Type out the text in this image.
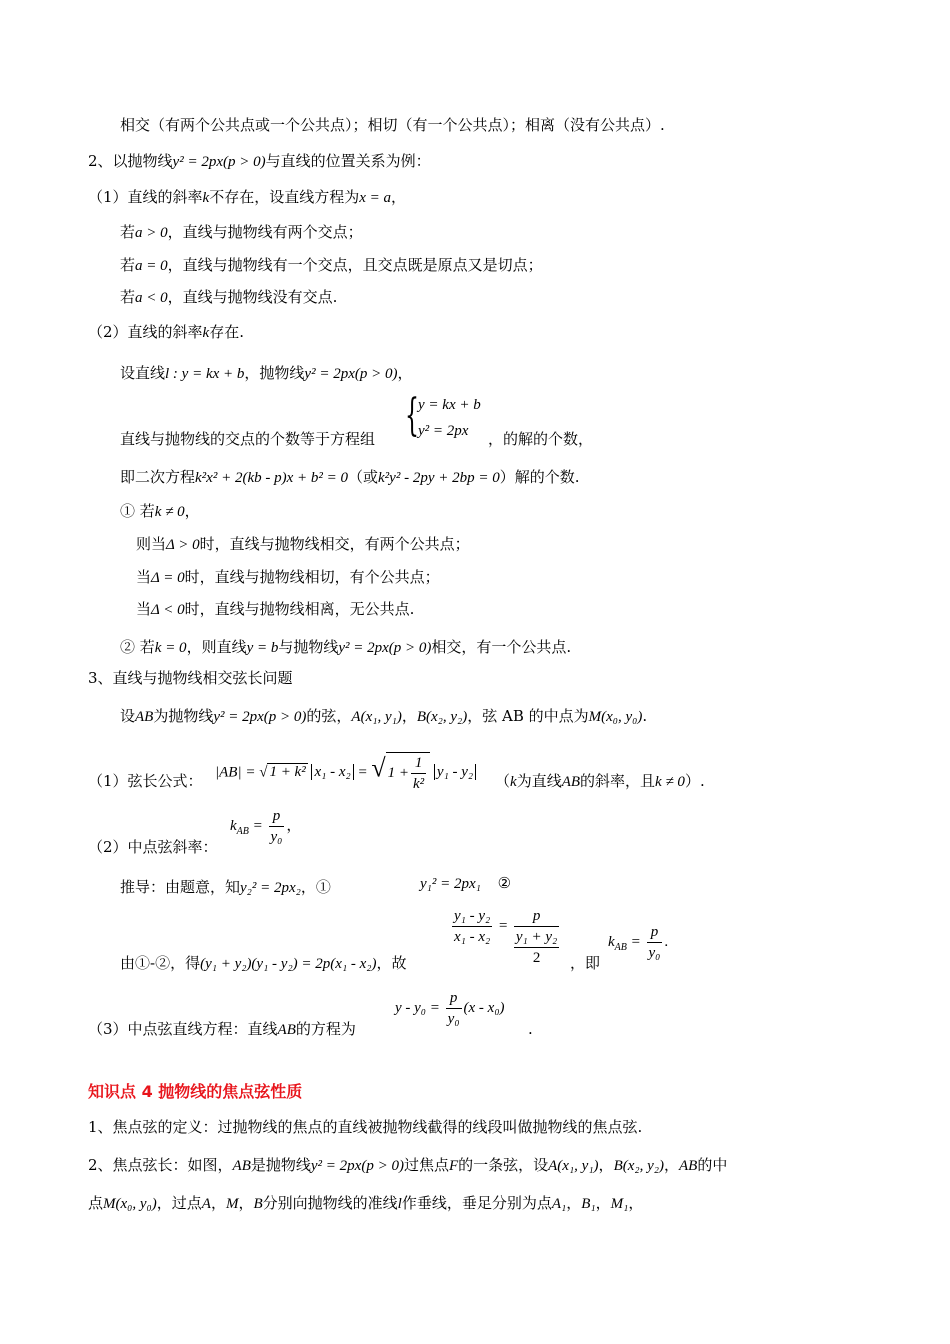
相交（有两个公共点或一个公共点）；相切（有一个公共点）；相离（没有公共点）.
2、以抛物线y² = 2px(p > 0)与直线的位置关系为例：
（1）直线的斜率k不存在，设直线方程为x = a，
若a > 0，直线与抛物线有两个交点；
若a = 0，直线与抛物线有一个交点，且交点既是原点又是切点；
若a < 0，直线与抛物线没有交点.
（2）直线的斜率k存在.
设直线l : y = kx + b，抛物线y² = 2px(p > 0)，
直线与抛物线的交点的个数等于方程组 { y = kx + b
y² = 2px ，的解的个数，
即二次方程k²x² + 2(kb - p)x + b² = 0（或k²y² - 2py + 2bp = 0）解的个数.
① 若k ≠ 0，
则当Δ > 0时，直线与抛物线相交，有两个公共点；
当Δ = 0时，直线与抛物线相切，有个公共点；
当Δ < 0时，直线与抛物线相离，无公共点.
② 若k = 0，则直线y = b与抛物线y² = 2px(p > 0)相交，有一个公共点.
3、直线与抛物线相交弦长问题
设AB为抛物线y² = 2px(p > 0)的弦，A(x₁, y₁)，B(x₂, y₂)，弦 AB 的中点为M(x₀, y₀).
（1）弦长公式： |AB| = √ 1 + k² x₁ - x₂ = √ $1 + \frac{1}{\text{k²}} y_1 - y_2$ （k为直线AB的斜率，且k ≠ 0）.
（2）中点弦斜率：
$k_{AB} = \frac{p}{\text{y₀}}$ ，
推导：由题意，知y₂² = 2px₂，①	y₁² = 2px₁ ②
由①-②，得(y₁ + y₂)(y₁ - y₂) = 2p(x₁ - x₂)，故
$\frac{\text{y₁ - y₂}}{\text{x₁ - x₂}}$ =
p
y₁ + y₂
2	，即
$k_{AB} = \frac{p}{\text{y₀}}$ .
（3）中点弦直线方程：直线AB的方程为
$y - y_0 = \frac{p}{\text{y₀}} (x - x_0)$
.
知识点 4 抛物线的焦点弦性质
1、焦点弦的定义：过抛物线的焦点的直线被抛物线截得的线段叫做抛物线的焦点弦.
2、焦点弦长：如图，AB是抛物线y² = 2px(p > 0)过焦点F的一条弦，设A(x₁, y₁)，B(x₂, y₂)，AB的中
点M(x₀, y₀)，过点A，M，B分别向抛物线的准线l作垂线，垂足分别为点A₁，B₁，M₁，
